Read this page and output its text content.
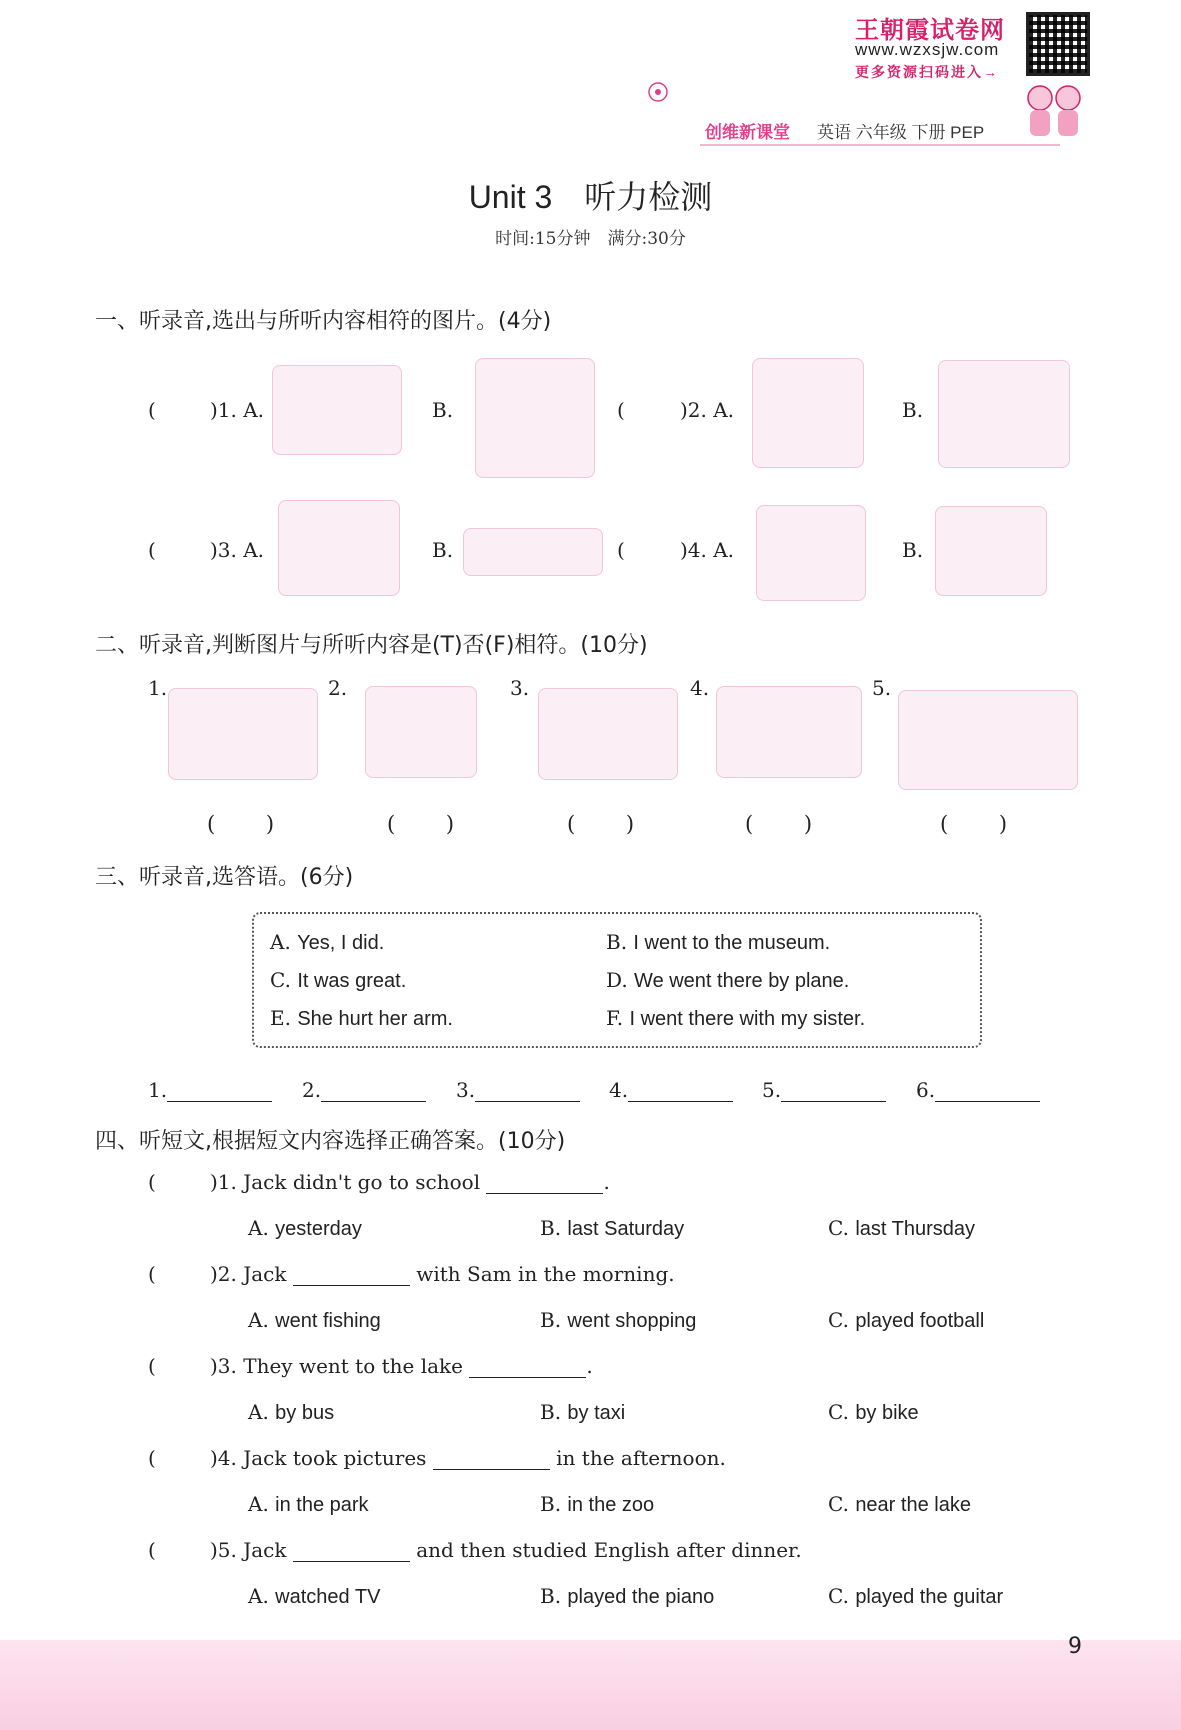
王朝霞试卷网
www.wzxsjw.com
更多资源扫码进入→
创维新课堂 英语 六年级 下册 PEP
Unit 3　听力检测
时间:15分钟　满分:30分
一、听录音,选出与所听内容相符的图片。(4分)
(	)1. A.	B.	(	)2. A.	B.
(	)3. A.	B.	(	)4. A.	B.
二、听录音,判断图片与所听内容是(T)否(F)相符。(10分)
1.	2.	3.	4.	5.
( )	( )	( )	( )	( )
三、听录音,选答语。(6分)
A. Yes, I did.	B. I went to the museum.
C. It was great.	D. We went there by plane.
E. She hurt her arm.	F. I went there with my sister.
1.	2.	3.	4.	5.	6.
四、听短文,根据短文内容选择正确答案。(10分)
(	)1. Jack didn't go to school	.
A. yesterday	B. last Saturday	C. last Thursday
(	)2. Jack	with Sam in the morning.
A. went fishing	B. went shopping	C. played football
(	)3. They went to the lake	.
A. by bus	B. by taxi	C. by bike
(	)4. Jack took pictures	in the afternoon.
A. in the park	B. in the zoo	C. near the lake
(	)5. Jack	and then studied English after dinner.
A. watched TV	B. played the piano	C. played the guitar
9
